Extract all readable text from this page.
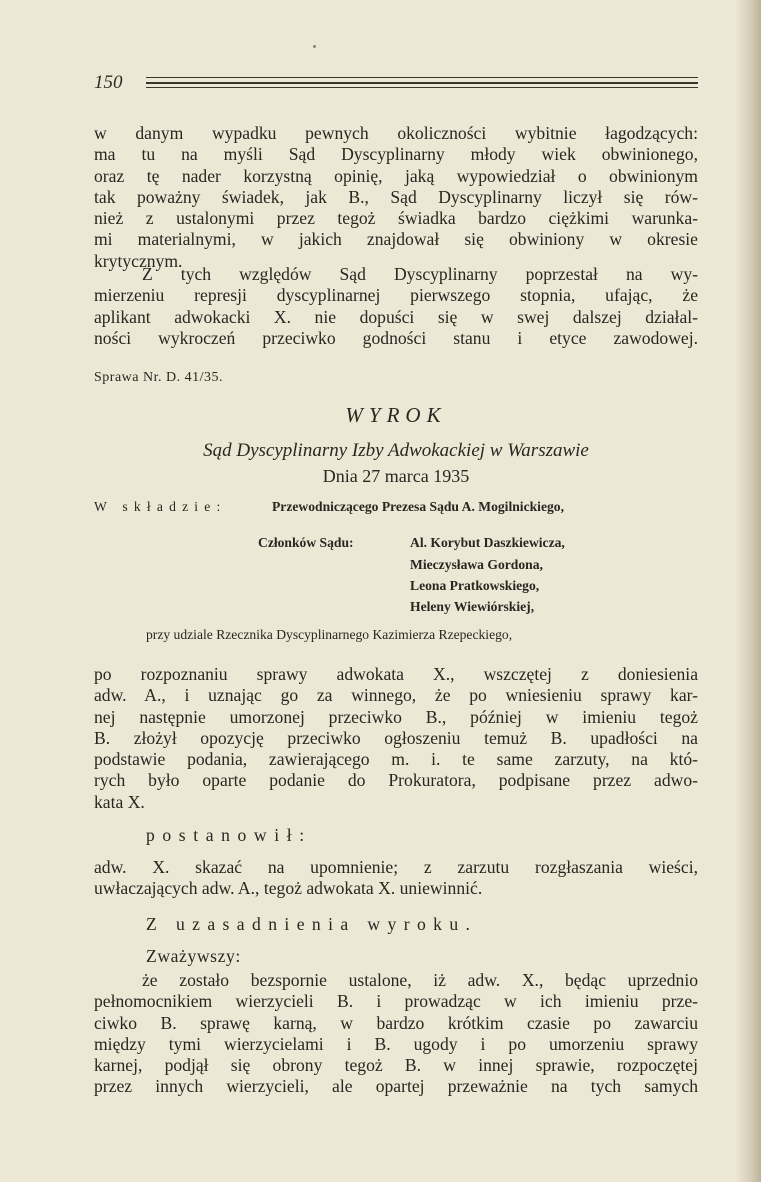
150
w danym wypadku pewnych okoliczności wybitnie łagodzących:
ma tu na myśli Sąd Dyscyplinarny młody wiek obwinionego,
oraz tę nader korzystną opinię, jaką wypowiedział o obwinionym
tak poważny świadek, jak B., Sąd Dyscyplinarny liczył się rów-
nież z ustalonymi przez tegoż świadka bardzo ciężkimi warunka-
mi materialnymi, w jakich znajdował się obwiniony w okresie
krytycznym.
Z tych względów Sąd Dyscyplinarny poprzestał na wy-
mierzeniu represji dyscyplinarnej pierwszego stopnia, ufając, że
aplikant adwokacki X. nie dopuści się w swej dalszej działal-
ności wykroczeń przeciwko godności stanu i etyce zawodowej.
Sprawa Nr. D. 41/35.
WYROK
Sąd Dyscyplinarny Izby Adwokackiej w Warszawie
Dnia 27 marca 1935
W składzie:	Przewodniczącego Prezesa Sądu A. Mogilnickiego,
Członków Sądu:	Al. Korybut Daszkiewicza,
Mieczysława Gordona,
Leona Pratkowskiego,
Heleny Wiewiórskiej,
przy udziale Rzecznika Dyscyplinarnego Kazimierza Rzepeckiego,
po rozpoznaniu sprawy adwokata X., wszczętej z doniesienia
adw. A., i uznając go za winnego, że po wniesieniu sprawy kar-
nej następnie umorzonej przeciwko B., później w imieniu tegoż
B. złożył opozycję przeciwko ogłoszeniu temuż B. upadłości na
podstawie podania, zawierającego m. i. te same zarzuty, na któ-
rych było oparte podanie do Prokuratora, podpisane przez adwo-
kata X.
postanowił:
adw. X. skazać na upomnienie; z zarzutu rozgłaszania wieści,
uwłaczających adw. A., tegoż adwokata X. uniewinnić.
Z uzasadnienia wyroku.
Zważywszy:
że zostało bezspornie ustalone, iż adw. X., będąc uprzednio
pełnomocnikiem wierzycieli B. i prowadząc w ich imieniu prze-
ciwko B. sprawę karną, w bardzo krótkim czasie po zawarciu
między tymi wierzycielami i B. ugody i po umorzeniu sprawy
karnej, podjął się obrony tegoż B. w innej sprawie, rozpoczętej
przez innych wierzycieli, ale opartej przeważnie na tych samych
